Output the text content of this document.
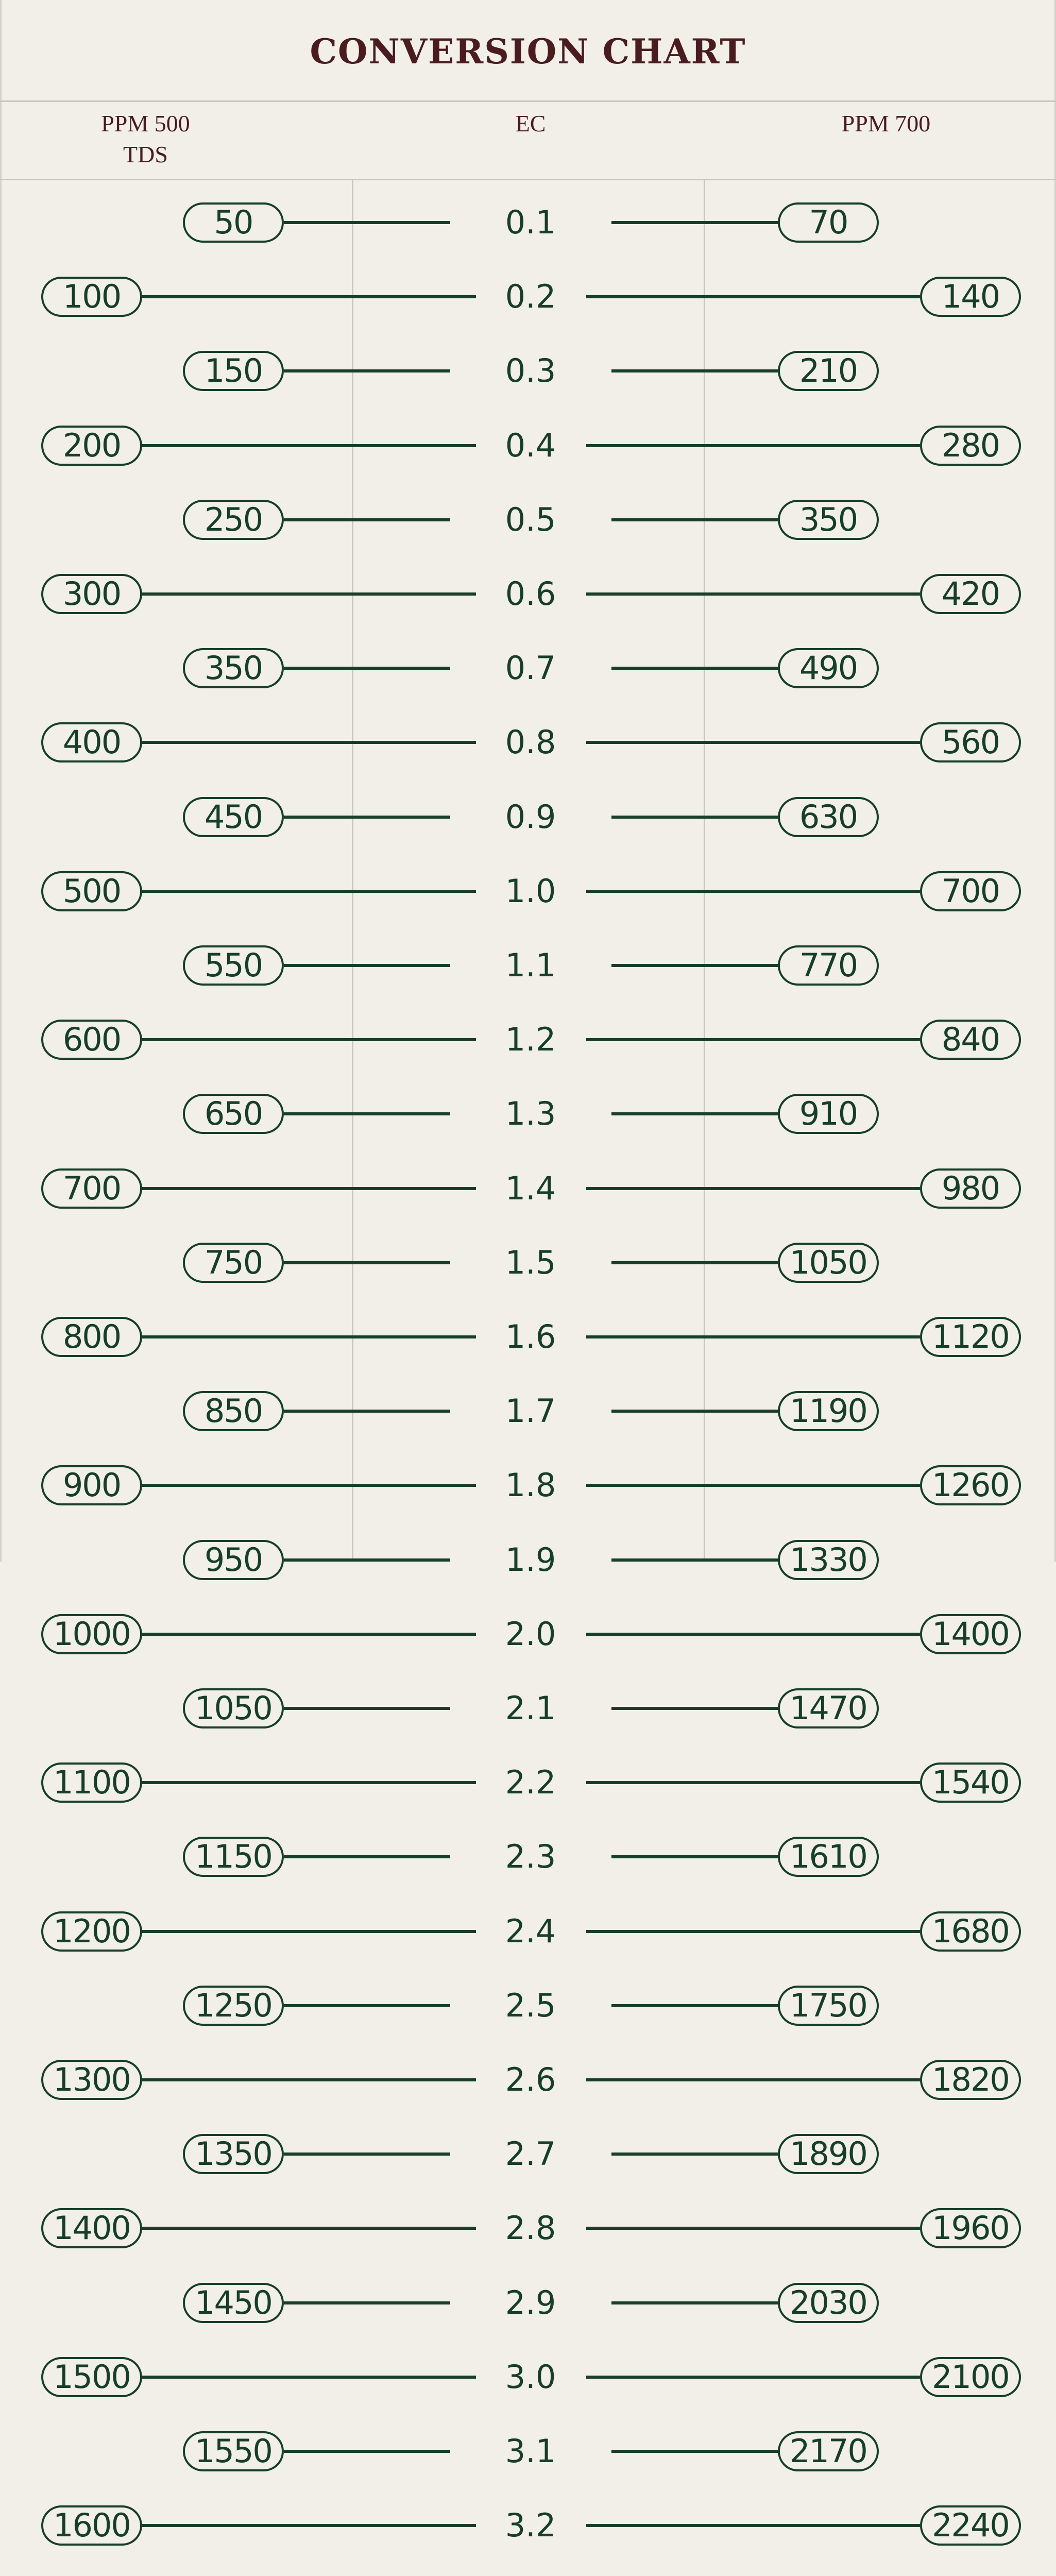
CONVERSION CHART
PPM 500
TDS
EC	PPM 700
50	0.1	70
100	0.2	140
150	0.3	210
200	0.4	280
250	0.5	350
300	0.6	420
350	0.7	490
400	0.8	560
450	0.9	630
500	1.0	700
550	1.1	770
600	1.2	840
650	1.3	910
700	1.4	980
750	1.5	1050
800	1.6	1120
850	1.7	1190
900	1.8	1260
950	1.9	1330
1000	2.0	1400
1050	2.1	1470
1100	2.2	1540
1150	2.3	1610
1200	2.4	1680
1250	2.5	1750
1300	2.6	1820
1350	2.7	1890
1400	2.8	1960
1450	2.9	2030
1500	3.0	2100
1550	3.1	2170
1600	3.2	2240
